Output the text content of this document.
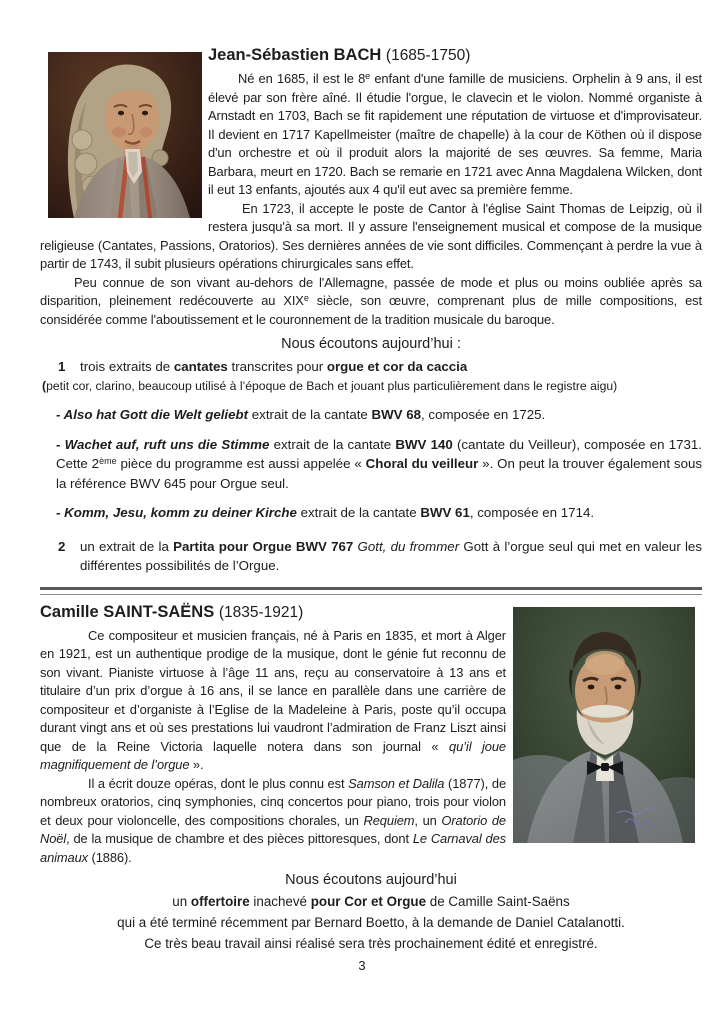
Jean-Sébastien BACH (1685-1750)

Né en 1685, il est le 8e enfant d'une famille de musiciens. Orphelin à 9 ans, il est élevé par son frère aîné. Il étudie l'orgue, le clavecin et le violon. Nommé organiste à Arnstadt en 1703, Bach se fit rapidement une réputation de virtuose et d'improvisateur. Il devient en 1717 Kapellmeister (maître de chapelle) à la cour de Köthen où il dispose d'un orchestre et où il produit alors la majorité de ses œuvres. Sa femme, Maria Barbara, meurt en 1720. Bach se remarie en 1721 avec Anna Magdalena Wilcken, dont il eut 13 enfants, ajoutés aux 4 qu'il eut avec sa première femme.

En 1723, il accepte le poste de Cantor à l'église Saint Thomas de Leipzig, où il restera jusqu'à sa mort. Il y assure l'enseignement musical et compose de la musique religieuse (Cantates, Passions, Oratorios). Ses dernières années de vie sont difficiles. Commençant à perdre la vue à partir de 1743, il subit plusieurs opérations chirurgicales sans effet.

Peu connue de son vivant au-dehors de l'Allemagne, passée de mode et plus ou moins oubliée après sa disparition, pleinement redécouverte au XIXe siècle, son œuvre, comprenant plus de mille compositions, est considérée comme l'aboutissement et le couronnement de la tradition musicale du baroque.

Nous écoutons aujourd’hui :
1	trois extraits de cantates transcrites pour orgue et cor da caccia

(petit cor, clarino, beaucoup utilisé à l’époque de Bach et jouant plus particulièrement dans le registre aigu)

- Also hat Gott die Welt geliebt extrait de la cantate BWV 68, composée en 1725.

- Wachet auf, ruft uns die Stimme extrait de la cantate BWV 140 (cantate du Veilleur), composée en 1731. Cette 2ème pièce du programme est aussi appelée « Choral du veilleur ». On peut la trouver également sous la référence BWV 645 pour Orgue seul.

- Komm, Jesu, komm zu deiner Kirche extrait de la cantate BWV 61, composée en 1714.

2	un extrait de la Partita pour Orgue BWV 767 Gott, du frommer Gott à l’orgue seul qui met en valeur les différentes possibilités de l’Orgue.
Camille SAINT-SAËNS (1835-1921)

Ce compositeur et musicien français, né à Paris en 1835, et mort à Alger en 1921, est un authentique prodige de la musique, dont le génie fut reconnu de son vivant. Pianiste virtuose à l’âge 11 ans, reçu au conservatoire à 13 ans et titulaire d’un prix d’orgue à 16 ans, il se lance en parallèle dans une carrière de compositeur et d’organiste à l’Eglise de la Madeleine à Paris, poste qu’il occupa durant vingt ans et où ses prestations lui vaudront l’admiration de Franz Liszt ainsi que de la Reine Victoria laquelle notera dans son journal « qu’il joue magnifiquement de l’orgue ».

Il a écrit douze opéras, dont le plus connu est Samson et Dalila (1877), de nombreux oratorios, cinq symphonies, cinq concertos pour piano, trois pour violon et deux pour violoncelle, des compositions chorales, un Requiem, un Oratorio de Noël, de la musique de chambre et des pièces pittoresques, dont Le Carnaval des animaux (1886).

Nous écoutons aujourd’hui
un offertoire inachevé pour Cor et Orgue de Camille Saint-Saëns
qui a été terminé récemment par Bernard Boetto, à la demande de Daniel Catalanotti.
Ce très beau travail ainsi réalisé sera très prochainement édité et enregistré.
3
